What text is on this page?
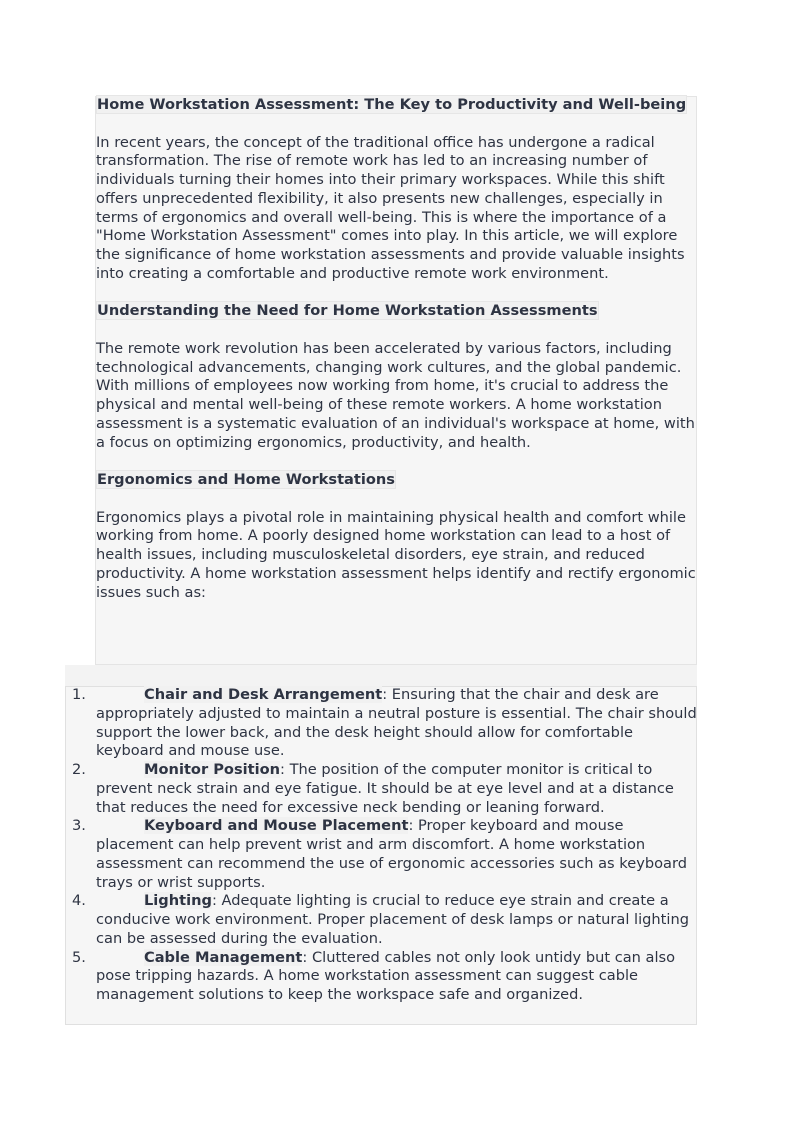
Home Workstation Assessment: The Key to Productivity and Well-being

In recent years, the concept of the traditional office has undergone a radical transformation. The rise of remote work has led to an increasing number of individuals turning their homes into their primary workspaces. While this shift offers unprecedented flexibility, it also presents new challenges, especially in terms of ergonomics and overall well-being. This is where the importance of a "Home Workstation Assessment" comes into play. In this article, we will explore the significance of home workstation assessments and provide valuable insights into creating a comfortable and productive remote work environment.

Understanding the Need for Home Workstation Assessments

The remote work revolution has been accelerated by various factors, including technological advancements, changing work cultures, and the global pandemic. With millions of employees now working from home, it's crucial to address the physical and mental well-being of these remote workers. A home workstation assessment is a systematic evaluation of an individual's workspace at home, with a focus on optimizing ergonomics, productivity, and health.

Ergonomics and Home Workstations

Ergonomics plays a pivotal role in maintaining physical health and comfort while working from home. A poorly designed home workstation can lead to a host of health issues, including musculoskeletal disorders, eye strain, and reduced productivity. A home workstation assessment helps identify and rectify ergonomic issues such as:

1.	Chair and Desk Arrangement: Ensuring that the chair and desk are appropriately adjusted to maintain a neutral posture is essential. The chair should support the lower back, and the desk height should allow for comfortable keyboard and mouse use.
2.	Monitor Position: The position of the computer monitor is critical to prevent neck strain and eye fatigue. It should be at eye level and at a distance that reduces the need for excessive neck bending or leaning forward.
3.	Keyboard and Mouse Placement: Proper keyboard and mouse placement can help prevent wrist and arm discomfort. A home workstation assessment can recommend the use of ergonomic accessories such as keyboard trays or wrist supports.
4.	Lighting: Adequate lighting is crucial to reduce eye strain and create a conducive work environment. Proper placement of desk lamps or natural lighting can be assessed during the evaluation.
5.	Cable Management: Cluttered cables not only look untidy but can also pose tripping hazards. A home workstation assessment can suggest cable management solutions to keep the workspace safe and organized.
